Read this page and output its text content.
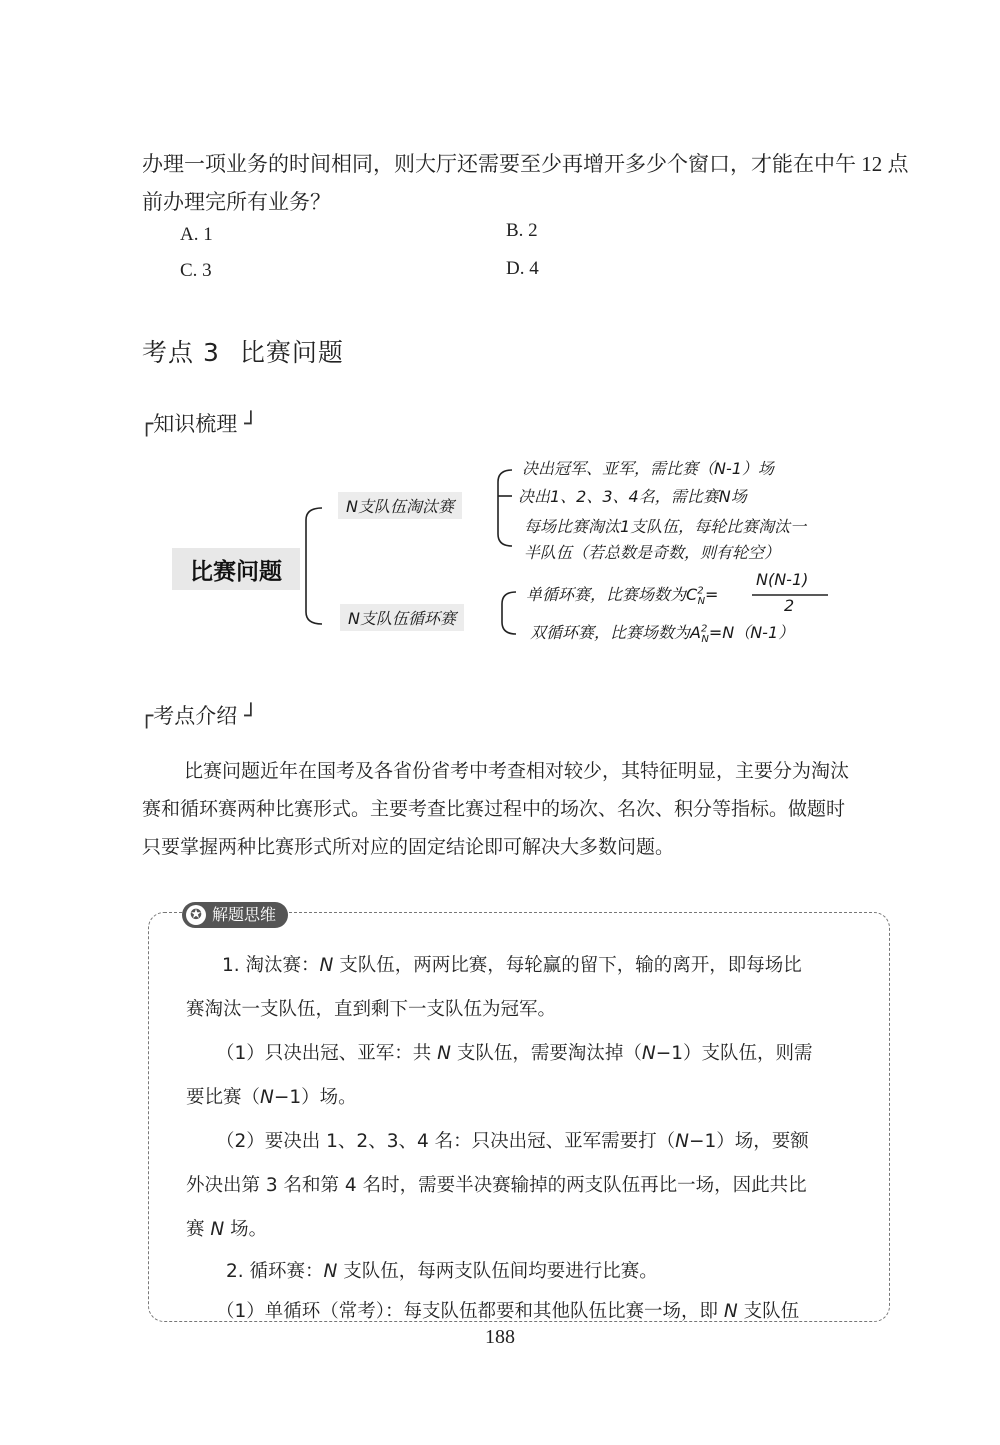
办理一项业务的时间相同，则大厅还需要至少再增开多少个窗口，才能在中午 12 点
前办理完所有业务？
A. 1	B. 2
C. 3	D. 4
考点 3 比赛问题
┌知识梳理 ┘
比赛问题
N支队伍淘汰赛
N支队伍循环赛
决出冠军、亚军，需比赛（N-1）场
决出1、2、3、4名，需比赛N场
每场比赛淘汰1支队伍，每轮比赛淘汰一
半队伍（若总数是奇数，则有轮空）
单循环赛，比赛场数为$C^2_N=$
N(N-1)
2
双循环赛，比赛场数为$A^2_N=N(N-1)$
┌考点介绍 ┘

比赛问题近年在国考及各省份省考中考查相对较少，其特征明显，主要分为淘汰

赛和循环赛两种比赛形式。主要考查比赛过程中的场次、名次、积分等指标。做题时

只要掌握两种比赛形式所对应的固定结论即可解决大多数问题。

✪ 解题思维

1. 淘汰赛：N 支队伍，两两比赛，每轮赢的留下，输的离开，即每场比

赛淘汰一支队伍，直到剩下一支队伍为冠军。

（1）只决出冠、亚军：共 N 支队伍，需要淘汰掉（N−1）支队伍，则需

要比赛（N−1）场。

（2）要决出 1、2、3、4 名：只决出冠、亚军需要打（N−1）场，要额

外决出第 3 名和第 4 名时，需要半决赛输掉的两支队伍再比一场，因此共比

赛 N 场。

2. 循环赛：N 支队伍，每两支队伍间均要进行比赛。

（1）单循环（常考）：每支队伍都要和其他队伍比赛一场，即 N 支队伍

188
